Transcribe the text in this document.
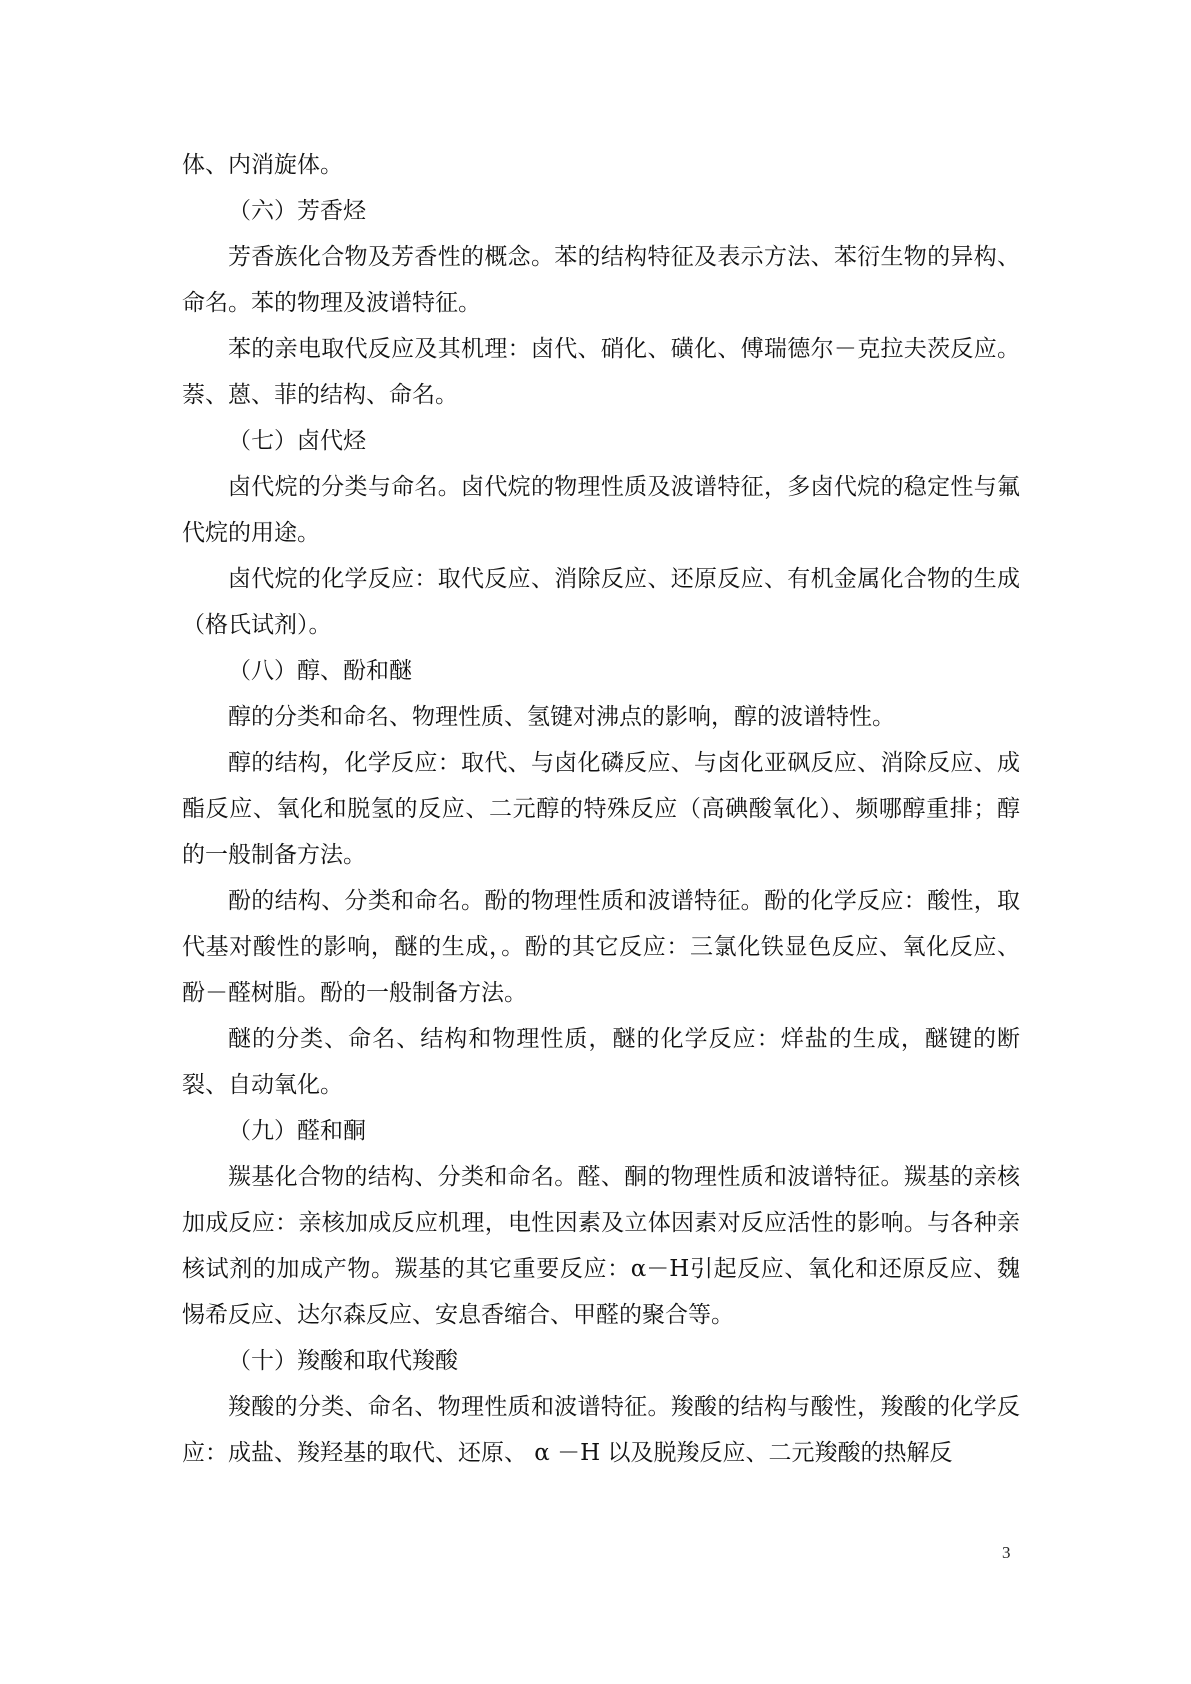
体、内消旋体。

（六）芳香烃

芳香族化合物及芳香性的概念。苯的结构特征及表示方法、苯衍生物的异构、命名。苯的物理及波谱特征。

苯的亲电取代反应及其机理：卤代、硝化、磺化、傅瑞德尔－克拉夫茨反应。萘、蒽、菲的结构、命名。

（七）卤代烃

卤代烷的分类与命名。卤代烷的物理性质及波谱特征，多卤代烷的稳定性与氟代烷的用途。

卤代烷的化学反应：取代反应、消除反应、还原反应、有机金属化合物的生成（格氏试剂）。

（八）醇、酚和醚

醇的分类和命名、物理性质、氢键对沸点的影响，醇的波谱特性。

醇的结构，化学反应：取代、与卤化磷反应、与卤化亚砜反应、消除反应、成酯反应、氧化和脱氢的反应、二元醇的特殊反应（高碘酸氧化）、频哪醇重排；醇的一般制备方法。

酚的结构、分类和命名。酚的物理性质和波谱特征。酚的化学反应：酸性，取代基对酸性的影响，醚的生成，。酚的其它反应：三氯化铁显色反应、氧化反应、酚－醛树脂。酚的一般制备方法。

醚的分类、命名、结构和物理性质，醚的化学反应：烊盐的生成，醚键的断裂、自动氧化。

（九）醛和酮

羰基化合物的结构、分类和命名。醛、酮的物理性质和波谱特征。羰基的亲核加成反应：亲核加成反应机理，电性因素及立体因素对反应活性的影响。与各种亲核试剂的加成产物。羰基的其它重要反应：α－H引起反应、氧化和还原反应、魏惕希反应、达尔森反应、安息香缩合、甲醛的聚合等。

（十）羧酸和取代羧酸

羧酸的分类、命名、物理性质和波谱特征。羧酸的结构与酸性，羧酸的化学反应：成盐、羧羟基的取代、还原、 α －H 以及脱羧反应、二元羧酸的热解反

3
